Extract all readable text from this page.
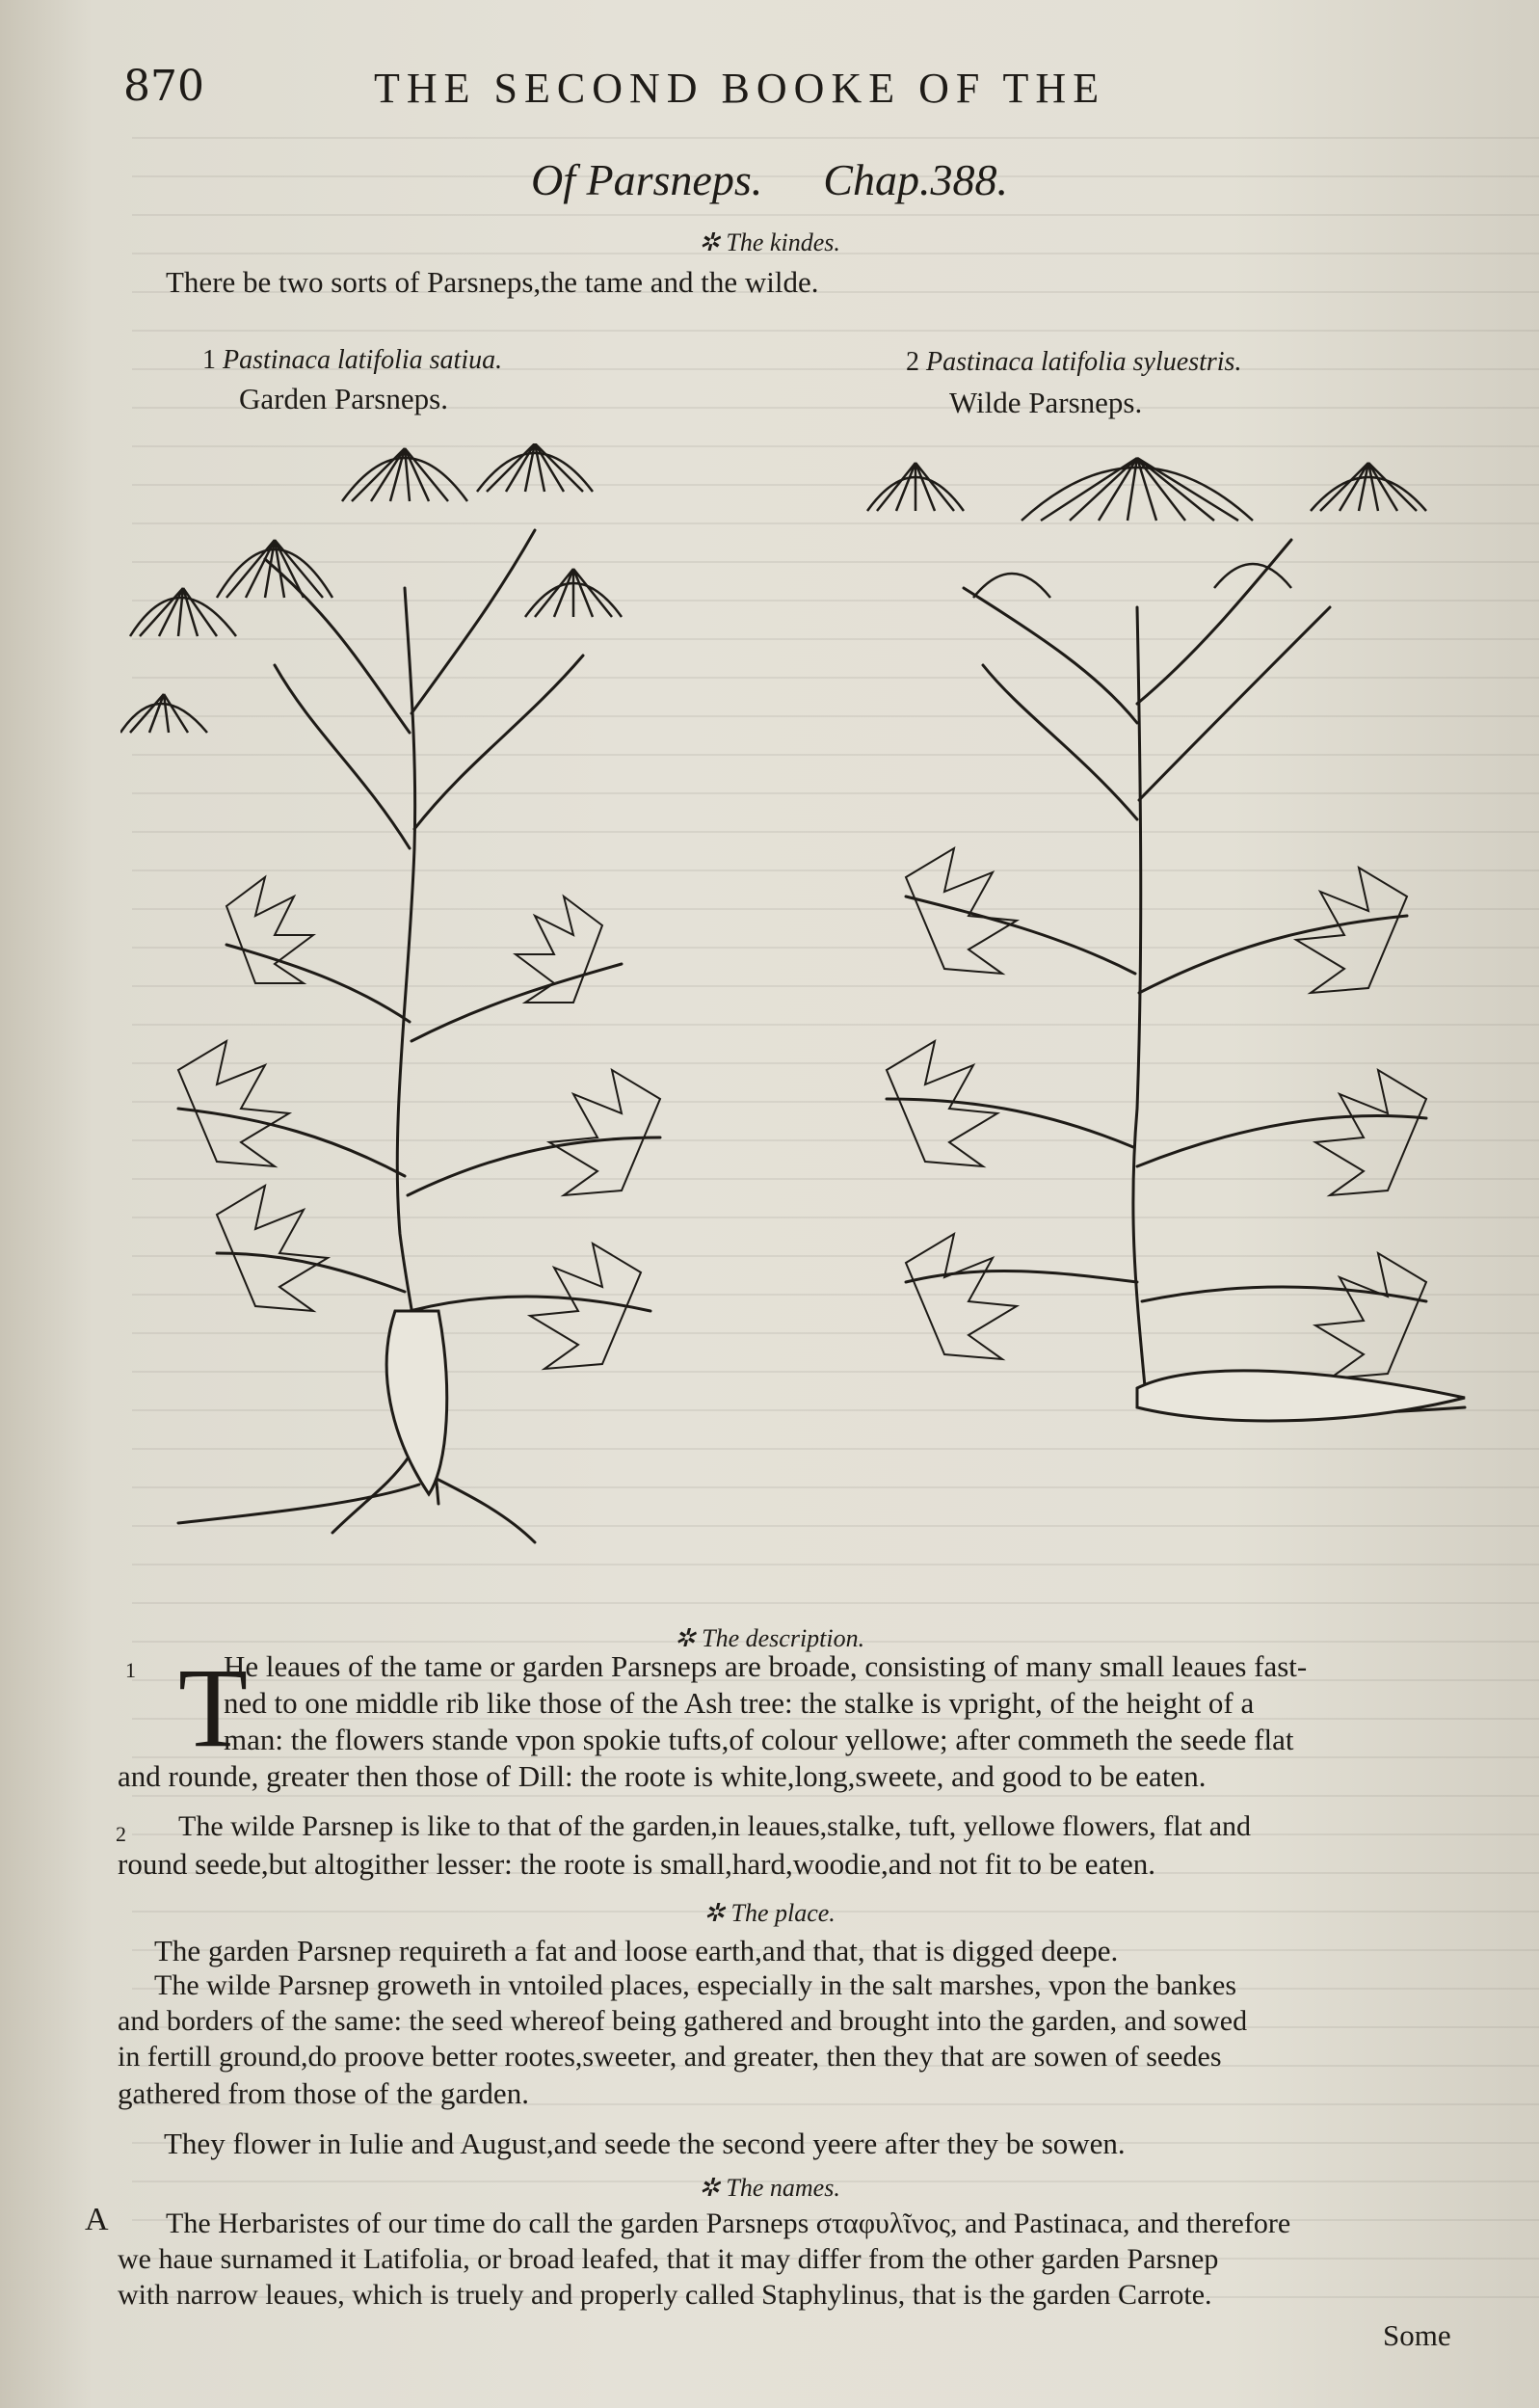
870	THE SECOND BOOKE OF THE
Of Parsneps. Chap.388.
✲ The kindes.
There be two sorts of Parsneps,the tame and the wilde.
1 Pastinaca latifolia satiua.
Garden Parsneps.
2 Pastinaca latifolia syluestris.
Wilde Parsneps.
✲ The description.
1 T
He leaues of the tame or garden Parsneps are broade, consisting of many small leaues fast-
ned to one middle rib like those of the Ash tree: the stalke is vpright, of the height of a
man: the flowers stande vpon spokie tufts,of colour yellowe; after commeth the seede flat
and rounde, greater then those of Dill: the roote is white,long,sweete, and good to be eaten.
2 The wilde Parsnep is like to that of the garden,in leaues,stalke, tuft, yellowe flowers, flat and
round seede,but altogither lesser: the roote is small,hard,woodie,and not fit to be eaten.
✲ The place.
The garden Parsnep requireth a fat and loose earth,and that, that is digged deepe.
The wilde Parsnep groweth in vntoiled places, especially in the salt marshes, vpon the bankes
and borders of the same: the seed whereof being gathered and brought into the garden, and sowed
in fertill ground,do proove better rootes,sweeter, and greater, then they that are sowen of seedes
gathered from those of the garden.
They flower in Iulie and August,and seede the second yeere after they be sowen.
✲ The names.
A The Herbaristes of our time do call the garden Parsneps σταφυλῖνος, and Pastinaca, and therefore
we haue surnamed it Latifolia, or broad leafed, that it may differ from the other garden Parsnep
with narrow leaues, which is truely and properly called Staphylinus, that is the garden Carrote.
Some
